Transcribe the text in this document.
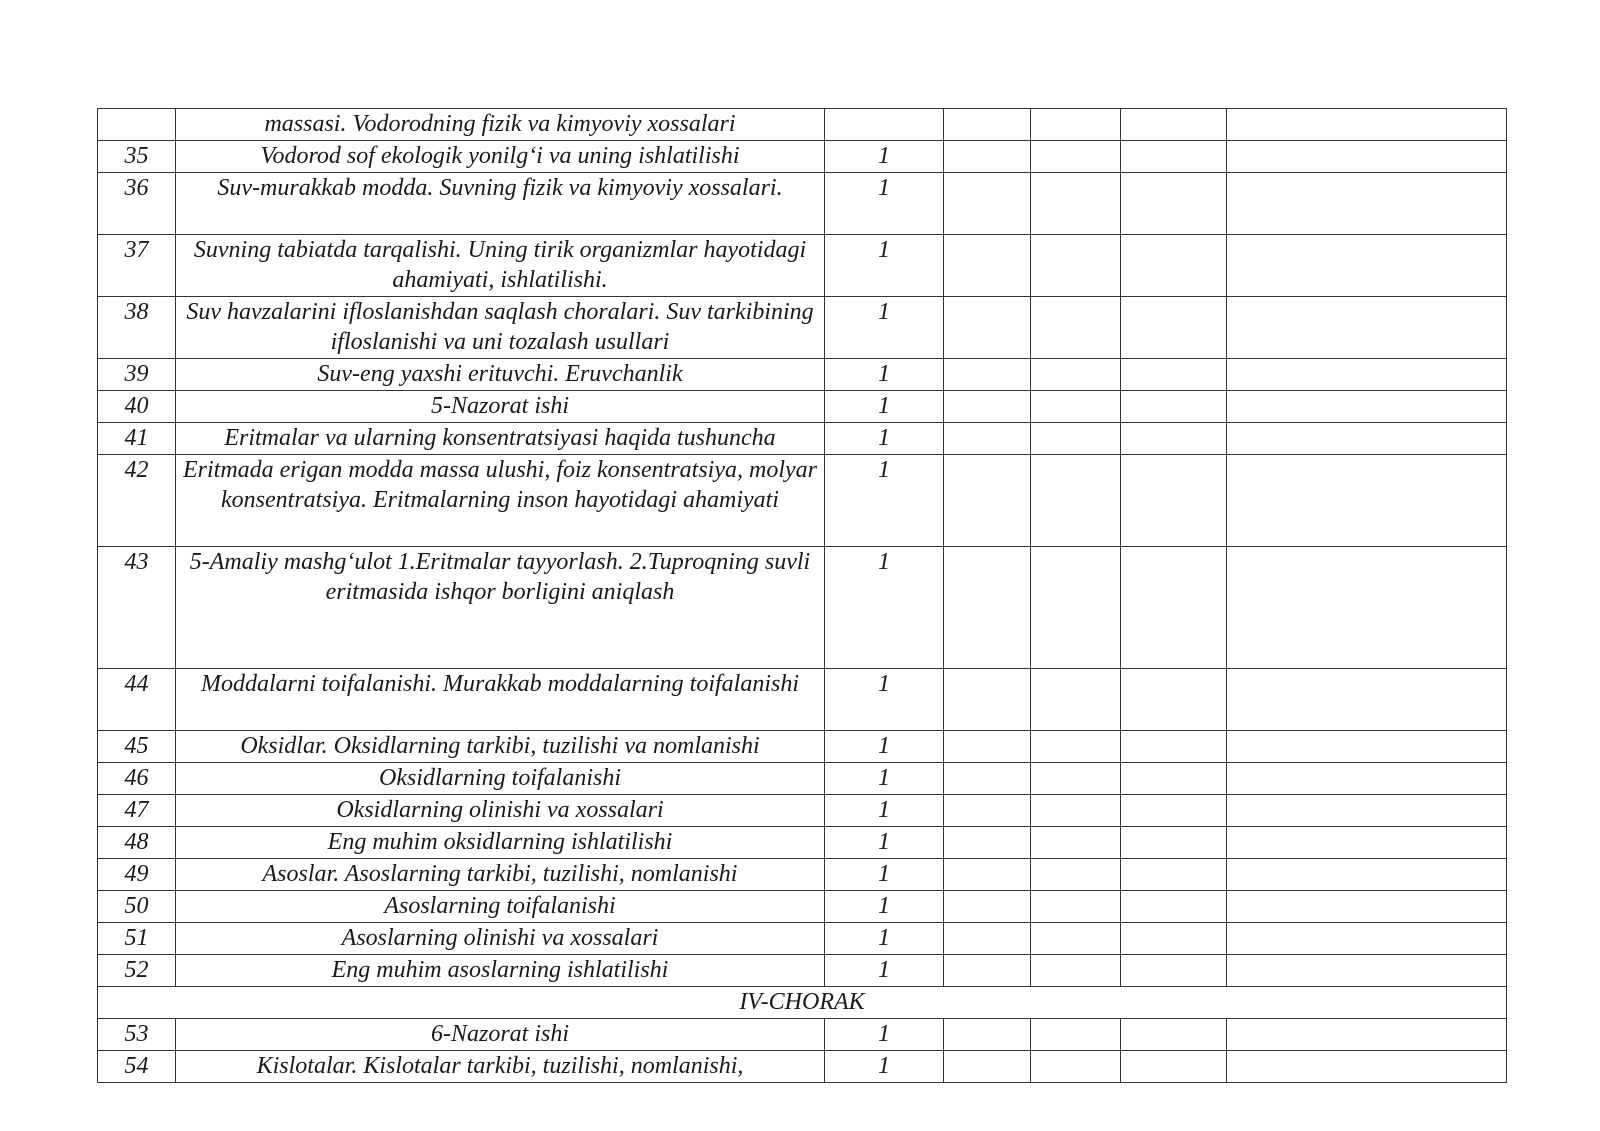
	massasi. Vodorodning fizik va kimyoviy xossalari					
35	Vodorod sof ekologik yonilg‘i va uning ishlatilishi	1				
36	Suv-murakkab modda. Suvning fizik va kimyoviy xossalari.	1				
37	Suvning tabiatda tarqalishi. Uning tirik organizmlar hayotidagi ahamiyati, ishlatilishi.	1				
38	Suv havzalarini ifloslanishdan saqlash choralari. Suv tarkibining ifloslanishi va uni tozalash usullari	1				
39	Suv-eng yaxshi erituvchi. Eruvchanlik	1				
40	5-Nazorat ishi	1				
41	Eritmalar va ularning konsentratsiyasi haqida tushuncha	1				
42	Eritmada erigan modda massa ulushi, foiz konsentratsiya, molyar konsentratsiya. Eritmalarning inson hayotidagi ahamiyati	1				
43	5-Amaliy mashg‘ulot 1.Eritmalar tayyorlash. 2.Tuproqning suvli eritmasida ishqor borligini aniqlash	1				
44	Moddalarni toifalanishi. Murakkab moddalarning toifalanishi	1				
45	Oksidlar. Oksidlarning tarkibi, tuzilishi va nomlanishi	1				
46	Oksidlarning toifalanishi	1				
47	Oksidlarning olinishi va xossalari	1				
48	Eng muhim oksidlarning ishlatilishi	1				
49	Asoslar. Asoslarning tarkibi, tuzilishi, nomlanishi	1				
50	Asoslarning toifalanishi	1				
51	Asoslarning olinishi va xossalari	1				
52	Eng muhim asoslarning ishlatilishi	1				
IV-CHORAK						
53	6-Nazorat ishi	1				
54	Kislotalar. Kislotalar tarkibi, tuzilishi, nomlanishi,	1				
